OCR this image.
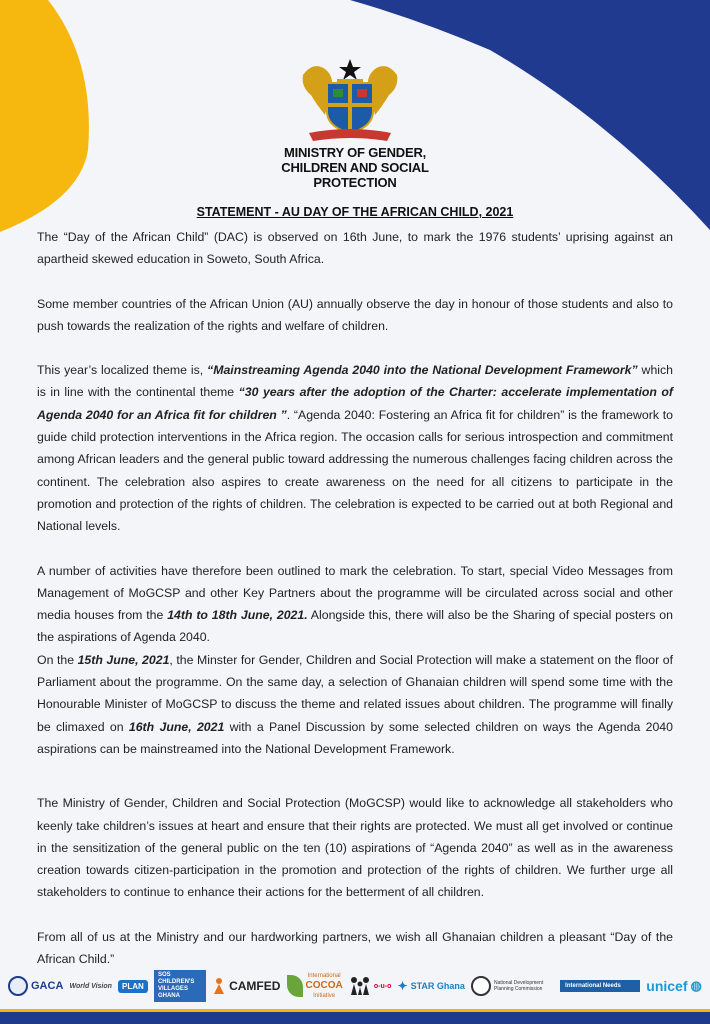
MINISTRY OF GENDER,
CHILDREN AND SOCIAL
PROTECTION
STATEMENT - AU DAY OF THE AFRICAN CHILD, 2021

The “Day of the African Child” (DAC) is observed on 16th June, to mark the 1976 students’ uprising against an apartheid skewed education in Soweto, South Africa.

Some member countries of the African Union (AU) annually observe the day in honour of those students and also to push towards the realization of the rights and welfare of children.

This year’s localized theme is, “Mainstreaming Agenda 2040 into the National Development Framework” which is in line with the continental theme “30 years after the adoption of the Charter: accelerate implementation of Agenda 2040 for an Africa fit for children ”. “Agenda 2040: Fostering an Africa fit for children” is the framework to guide child protection interventions in the Africa region. The occasion calls for serious introspection and commitment among African leaders and the general public toward addressing the numerous challenges facing children across the continent. The celebration also aspires to create awareness on the need for all citizens to participate in the promotion and protection of the rights of children. The celebration is expected to be carried out at both Regional and National levels.

A number of activities have therefore been outlined to mark the celebration. To start, special Video Messages from Management of MoGCSP and other Key Partners about the programme will be circulated across social and other media houses from the 14th to 18th June, 2021. Alongside this, there will also be the Sharing of special posters on the aspirations of Agenda 2040.

On the 15th June, 2021, the Minster for Gender, Children and Social Protection will make a statement on the floor of Parliament about the programme. On the same day, a selection of Ghanaian children will spend some time with the Honourable Minister of MoGCSP to discuss the theme and related issues about children. The programme will finally be climaxed on 16th June, 2021 with a Panel Discussion by some selected children on ways the Agenda 2040 aspirations can be mainstreamed into the National Development Framework.

The Ministry of Gender, Children and Social Protection (MoGCSP) would like to acknowledge all stakeholders who keenly take children’s issues at heart and ensure that their rights are protected. We must all get involved or continue in the sensitization of the general public on the ten (10) aspirations of “Agenda 2040” as well as in the awareness creation towards citizen-participation in the promotion and protection of the rights of children. We further urge all stakeholders to continue to enhance their actions for the betterment of all children.

From all of us at the Ministry and our hardworking partners, we wish all Ghanaian children a pleasant “Day of the African Child.”

GACA World Vision	PLAN
SOS CHILDREN'S VILLAGES GHANA
CAMFED
International
COCOA
Initiative
o-u-o ✦ STAR Ghana	National Development Planning Commission	International Needs	unicef ◍
